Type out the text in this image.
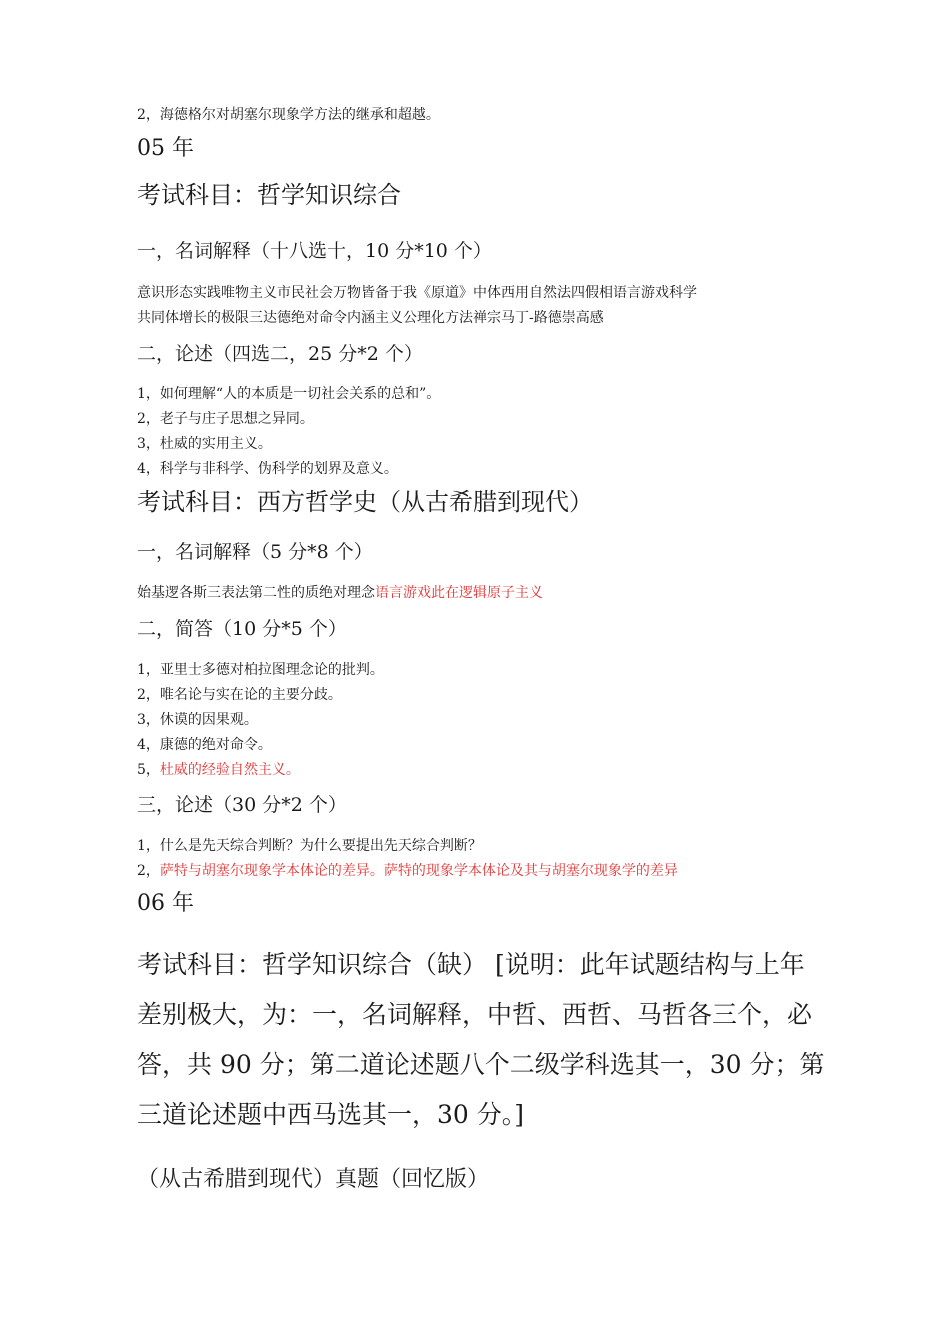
2，海德格尔对胡塞尔现象学方法的继承和超越。
05 年
考试科目：哲学知识综合
一，名词解释（十八选十，10 分*10 个）
意识形态实践唯物主义市民社会万物皆备于我《原道》中体西用自然法四假相语言游戏科学
共同体增长的极限三达德绝对命令内涵主义公理化方法禅宗马丁-路德崇高感
二，论述（四选二，25 分*2 个）
1，如何理解“人的本质是一切社会关系的总和”。
2，老子与庄子思想之异同。
3，杜威的实用主义。
4，科学与非科学、伪科学的划界及意义。
考试科目：西方哲学史（从古希腊到现代）
一，名词解释（5 分*8 个）
始基逻各斯三表法第二性的质绝对理念语言游戏此在逻辑原子主义
二，简答（10 分*5 个）
1，亚里士多德对柏拉图理念论的批判。
2，唯名论与实在论的主要分歧。
3，休谟的因果观。
4，康德的绝对命令。
5，杜威的经验自然主义。
三，论述（30 分*2 个）
1，什么是先天综合判断？为什么要提出先天综合判断？
2，萨特与胡塞尔现象学本体论的差异。萨特的现象学本体论及其与胡塞尔现象学的差异
06 年
考试科目：哲学知识综合（缺） [说明：此年试题结构与上年差别极大，为：一，名词解释，中哲、西哲、马哲各三个，必答，共 90 分；第二道论述题八个二级学科选其一，30 分；第三道论述题中西马选其一，30 分。]
（从古希腊到现代）真题（回忆版）
